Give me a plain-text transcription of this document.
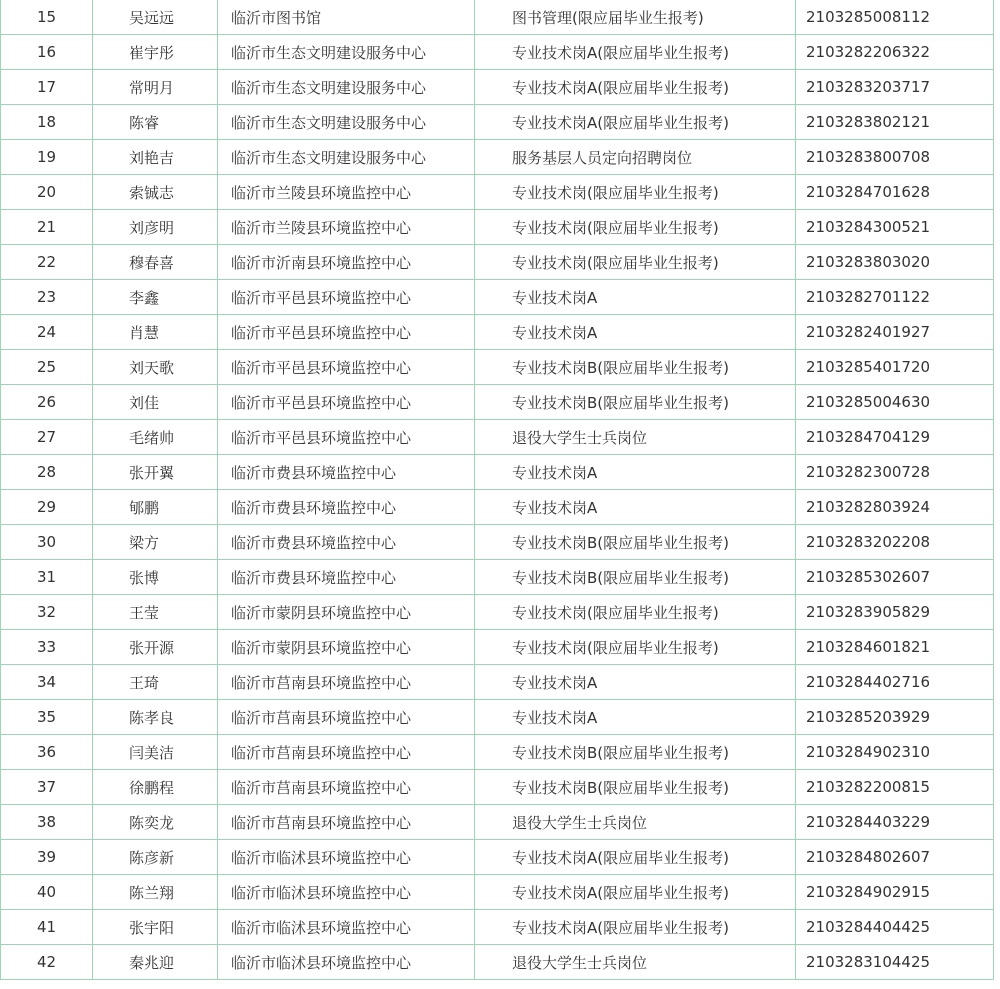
15	吴远远	临沂市图书馆	图书管理(限应届毕业生报考)	2103285008112
16	崔宇彤	临沂市生态文明建设服务中心	专业技术岗A(限应届毕业生报考)	2103282206322
17	常明月	临沂市生态文明建设服务中心	专业技术岗A(限应届毕业生报考)	2103283203717
18	陈睿	临沂市生态文明建设服务中心	专业技术岗A(限应届毕业生报考)	2103283802121
19	刘艳吉	临沂市生态文明建设服务中心	服务基层人员定向招聘岗位	2103283800708
20	索铖志	临沂市兰陵县环境监控中心	专业技术岗(限应届毕业生报考)	2103284701628
21	刘彦明	临沂市兰陵县环境监控中心	专业技术岗(限应届毕业生报考)	2103284300521
22	穆春喜	临沂市沂南县环境监控中心	专业技术岗(限应届毕业生报考)	2103283803020
23	李鑫	临沂市平邑县环境监控中心	专业技术岗A	2103282701122
24	肖慧	临沂市平邑县环境监控中心	专业技术岗A	2103282401927
25	刘天歌	临沂市平邑县环境监控中心	专业技术岗B(限应届毕业生报考)	2103285401720
26	刘佳	临沂市平邑县环境监控中心	专业技术岗B(限应届毕业生报考)	2103285004630
27	毛绪帅	临沂市平邑县环境监控中心	退役大学生士兵岗位	2103284704129
28	张开翼	临沂市费县环境监控中心	专业技术岗A	2103282300728
29	郇鹏	临沂市费县环境监控中心	专业技术岗A	2103282803924
30	梁方	临沂市费县环境监控中心	专业技术岗B(限应届毕业生报考)	2103283202208
31	张博	临沂市费县环境监控中心	专业技术岗B(限应届毕业生报考)	2103285302607
32	王莹	临沂市蒙阴县环境监控中心	专业技术岗(限应届毕业生报考)	2103283905829
33	张开源	临沂市蒙阴县环境监控中心	专业技术岗(限应届毕业生报考)	2103284601821
34	王琦	临沂市莒南县环境监控中心	专业技术岗A	2103284402716
35	陈孝良	临沂市莒南县环境监控中心	专业技术岗A	2103285203929
36	闫美洁	临沂市莒南县环境监控中心	专业技术岗B(限应届毕业生报考)	2103284902310
37	徐鹏程	临沂市莒南县环境监控中心	专业技术岗B(限应届毕业生报考)	2103282200815
38	陈奕龙	临沂市莒南县环境监控中心	退役大学生士兵岗位	2103284403229
39	陈彦新	临沂市临沭县环境监控中心	专业技术岗A(限应届毕业生报考)	2103284802607
40	陈兰翔	临沂市临沭县环境监控中心	专业技术岗A(限应届毕业生报考)	2103284902915
41	张宇阳	临沂市临沭县环境监控中心	专业技术岗A(限应届毕业生报考)	2103284404425
42	秦兆迎	临沂市临沭县环境监控中心	退役大学生士兵岗位	2103283104425
